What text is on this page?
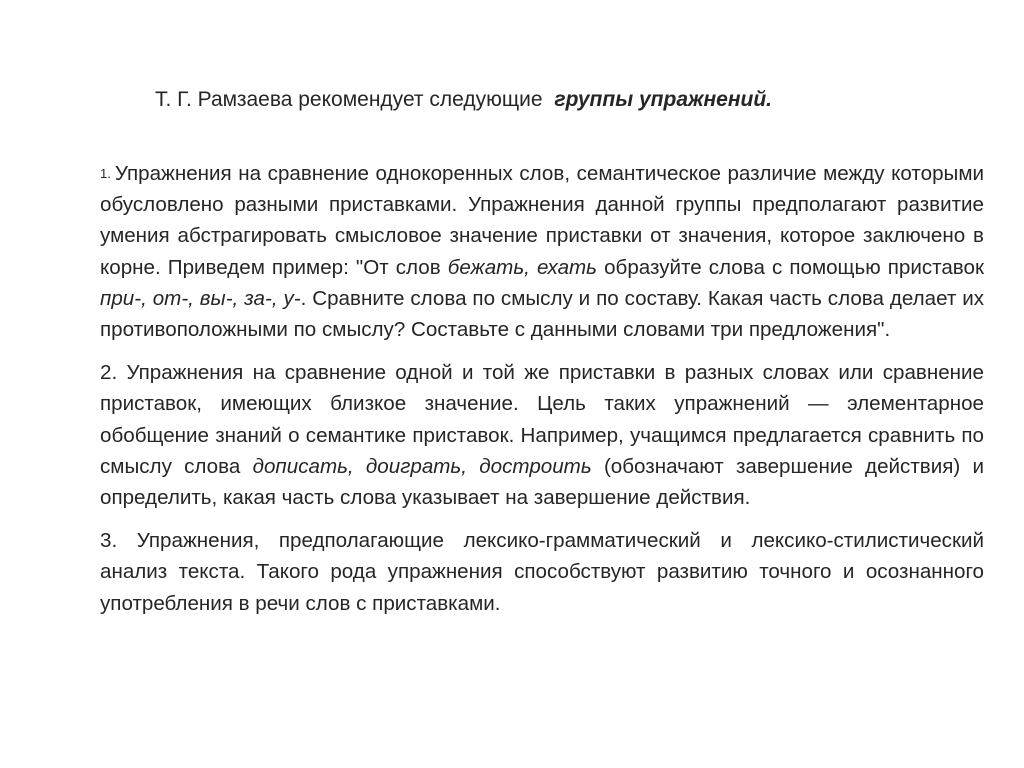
Т. Г. Рамзаева рекомендует следующие группы упражнений.

1. Упражнения на сравнение однокоренных слов, семантическое различие между которыми обусловлено разными приставками. Упражнения данной группы предполагают развитие умения абстрагировать смысловое значение приставки от значения, которое заключено в корне. Приведем пример: "От слов бежать, ехать образуйте слова с помощью приставок при-, от-, вы-, за-, у-. Сравните слова по смыслу и по составу. Какая часть слова делает их противоположными по смыслу? Составьте с данными словами три предложения".

2. Упражнения на сравнение одной и той же приставки в разных словах или сравнение приставок, имеющих близкое значение. Цель таких упражнений — элементарное обобщение знаний о семантике приставок. Например, учащимся предлагается сравнить по смыслу слова дописать, доиграть, достроить (обозначают завершение действия) и определить, какая часть слова указывает на завершение действия.

3. Упражнения, предполагающие лексико-грамматический и лексико-стилистический анализ текста. Такого рода упражнения способствуют развитию точного и осознанного употребления в речи слов с приставками.
